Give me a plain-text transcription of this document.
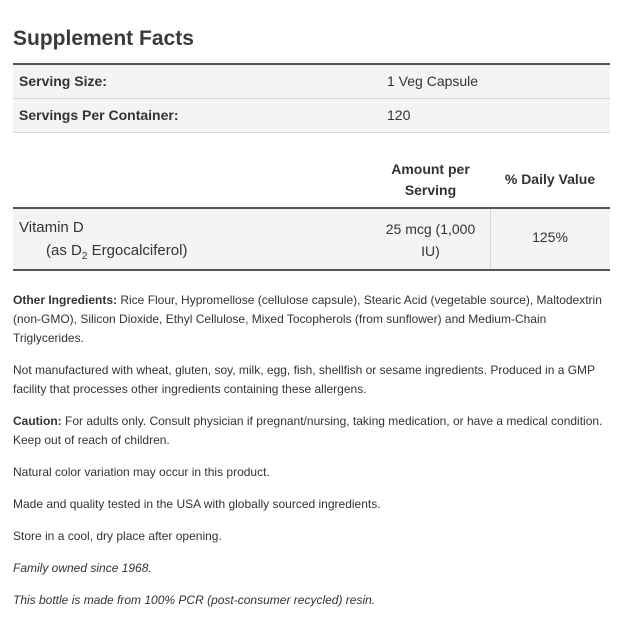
Supplement Facts
Serving Size:	1 Veg Capsule
Servings Per Container:	120
Amount per
Serving
% Daily Value
Vitamin D
(as $D_2$ Ergocalciferol)
25 mcg (1,000
IU)
125%

Other Ingredients: Rice Flour, Hypromellose (cellulose capsule), Stearic Acid (vegetable source), Maltodextrin (non-GMO), Silicon Dioxide, Ethyl Cellulose, Mixed Tocopherols (from sunflower) and Medium-Chain Triglycerides.

Not manufactured with wheat, gluten, soy, milk, egg, fish, shellfish or sesame ingredients. Produced in a GMP facility that processes other ingredients containing these allergens.

Caution: For adults only. Consult physician if pregnant/nursing, taking medication, or have a medical condition. Keep out of reach of children.

Natural color variation may occur in this product.

Made and quality tested in the USA with globally sourced ingredients.

Store in a cool, dry place after opening.

Family owned since 1968.

This bottle is made from 100% PCR (post-consumer recycled) resin.
